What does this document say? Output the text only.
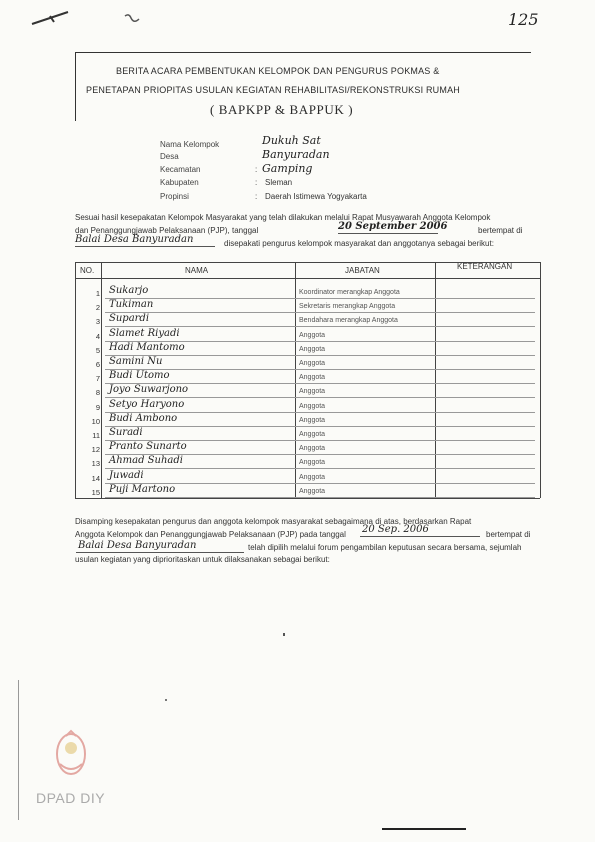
125
BERITA ACARA PEMBENTUKAN KELOMPOK DAN PENGURUS POKMAS &
PENETAPAN PRIOPITAS USULAN KEGIATAN REHABILITASI/REKONSTRUKSI RUMAH
( BAPKPP & BAPPUK )
Nama Kelompok	Dukuh Sat
Desa	Banyuradan
Kecamatan	: Gamping
Kabupaten	: Sleman
Propinsi	: Daerah Istimewa Yogyakarta
Sesuai hasil kesepakatan Kelompok Masyarakat yang telah dilakukan melalui Rapat Musyawarah Anggota Kelompok
dan Penanggungjawab Pelaksanaan (PJP), tanggal	20 September 2006	bertempat di
Balai Desa Banyuradan	disepakati pengurus kelompok masyarakat dan anggotanya sebagai berikut:
NO.	NAMA	JABATAN	KETERANGAN
1 Sukarjo	Koordinator merangkap Anggota
2 Tukiman	Sekretaris merangkap Anggota
3 Supardi	Bendahara merangkap Anggota
4 Slamet Riyadi	Anggota
5 Hadi Mantomo	Anggota
6 Samini Nu	Anggota
7 Budi Utomo	Anggota
8 Joyo Suwarjono	Anggota
9 Setyo Haryono	Anggota
10 Budi Ambono	Anggota
11 Suradi	Anggota
12 Pranto Sunarto	Anggota
13 Ahmad Suhadi	Anggota
14 Juwadi	Anggota
15 Puji Martono	Anggota
Disamping kesepakatan pengurus dan anggota kelompok masyarakat sebagaimana di atas, berdasarkan Rapat
Anggota Kelompok dan Penanggungjawab Pelaksanaan (PJP) pada tanggal 20 Sep. 2006	bertempat di
Balai Desa Banyuradan	telah dipilih melalui forum pengambilan keputusan secara bersama, sejumlah
usulan kegiatan yang diprioritaskan untuk dilaksanakan sebagai berikut:
DPAD DIY
